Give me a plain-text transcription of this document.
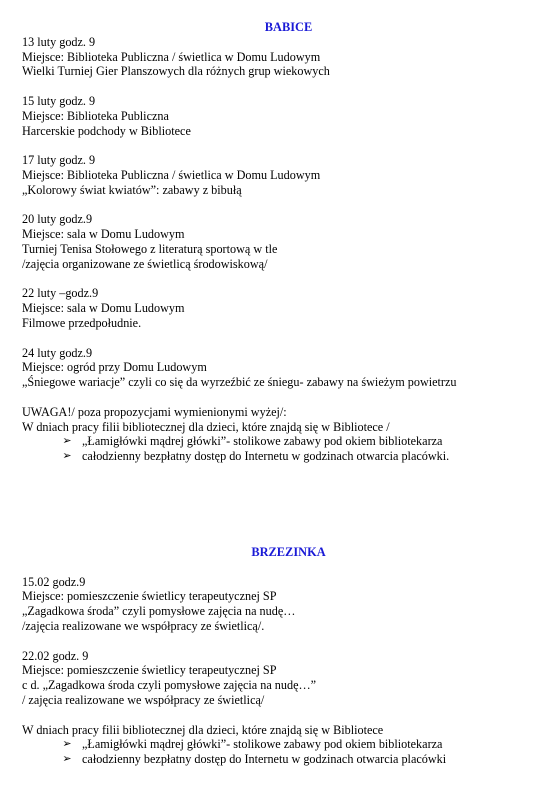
BABICE
13 luty godz. 9
Miejsce: Biblioteka Publiczna / świetlica w Domu Ludowym
Wielki Turniej Gier Planszowych dla różnych grup wiekowych
15 luty godz. 9
Miejsce: Biblioteka Publiczna
Harcerskie podchody w Bibliotece
17 luty godz. 9
Miejsce: Biblioteka Publiczna / świetlica w Domu Ludowym
„Kolorowy świat kwiatów”: zabawy z bibułą
20 luty godz.9
Miejsce: sala w Domu Ludowym
Turniej Tenisa Stołowego z literaturą sportową w tle
/zajęcia organizowane ze świetlicą środowiskową/
22 luty –godz.9
Miejsce: sala w Domu Ludowym
Filmowe przedpołudnie.
24 luty godz.9
Miejsce: ogród przy Domu Ludowym
„Śniegowe wariacje” czyli co się da wyrzeźbić ze śniegu- zabawy na świeżym powietrzu
UWAGA!/ poza propozycjami wymienionymi wyżej/:
W dniach pracy filii bibliotecznej dla dzieci, które znajdą się w Bibliotece /
➢ „Łamigłówki mądrej główki”- stolikowe zabawy pod okiem bibliotekarza
➢ całodzienny bezpłatny dostęp do Internetu w godzinach otwarcia placówki.
BRZEZINKA
15.02 godz.9
Miejsce: pomieszczenie świetlicy terapeutycznej SP
„Zagadkowa środa” czyli pomysłowe zajęcia na nudę…
/zajęcia realizowane we współpracy ze świetlicą/.
22.02 godz. 9
Miejsce: pomieszczenie świetlicy terapeutycznej SP
c d. „Zagadkowa środa czyli pomysłowe zajęcia na nudę…”
/ zajęcia realizowane we współpracy ze świetlicą/
W dniach pracy filii bibliotecznej dla dzieci, które znajdą się w Bibliotece
➢ „Łamigłówki mądrej główki”- stolikowe zabawy pod okiem bibliotekarza
➢ całodzienny bezpłatny dostęp do Internetu w godzinach otwarcia placówki
